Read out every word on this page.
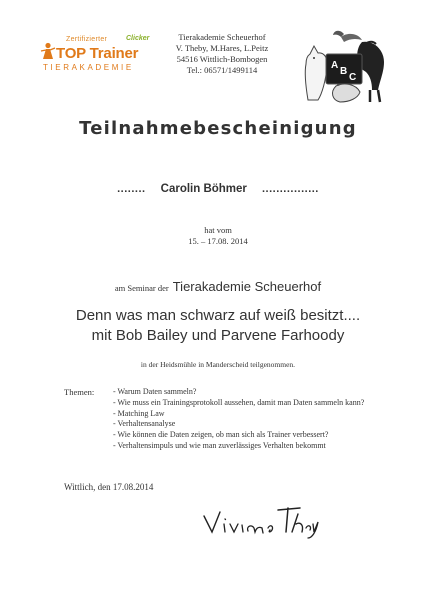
Zertifizierter	Clicker
TOP Trainer
TIERAKADEMIE
Tierakademie Scheuerhof
V. Theby, M.Hares, L.Peitz
54516 Wittlich-Bombogen
Tel.: 06571/1499114	A
B
C
Teilnahmebescheinigung
........ Carolin Böhmer ................
hat vom
15. – 17.08. 2014
am Seminar der Tierakademie Scheuerhof
Denn was man schwarz auf weiß besitzt....
mit Bob Bailey und Parvene Farhoody
in der Heidsmühle in Manderscheid teilgenommen.
Themen: - Warum Daten sammeln?
- Wie muss ein Trainingsprotokoll aussehen, damit man Daten sammeln kann?
- Matching Law
- Verhaltensanalyse
- Wie können die Daten zeigen, ob man sich als Trainer verbessert?
- Verhaltensimpuls und wie man zuverlässiges Verhalten bekommt
Wittlich, den 17.08.2014
